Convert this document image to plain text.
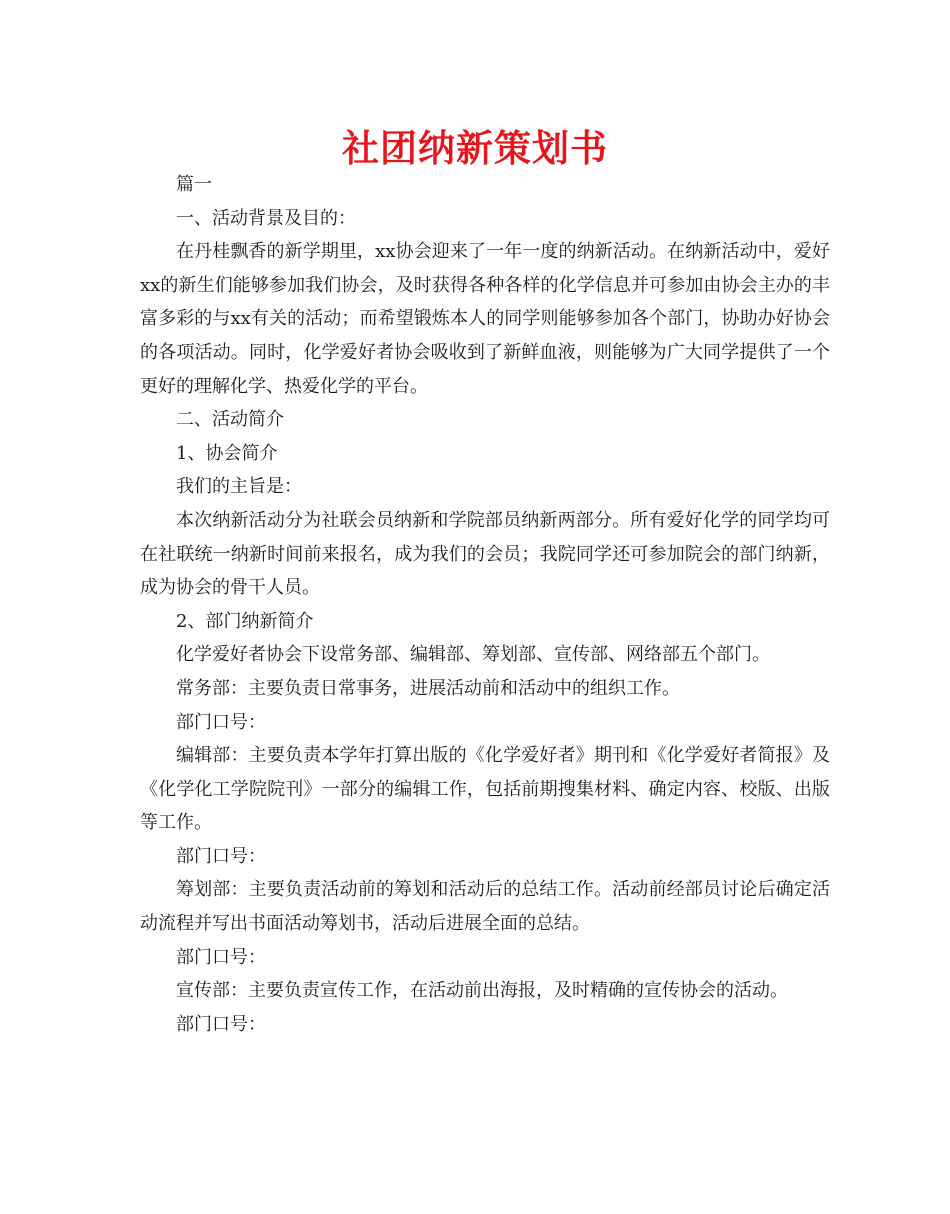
社团纳新策划书

篇一

一、活动背景及目的：

在丹桂飘香的新学期里，xx协会迎来了一年一度的纳新活动。在纳新活动中，爱好xx的新生们能够参加我们协会，及时获得各种各样的化学信息并可参加由协会主办的丰富多彩的与xx有关的活动；而希望锻炼本人的同学则能够参加各个部门，协助办好协会的各项活动。同时，化学爱好者协会吸收到了新鲜血液，则能够为广大同学提供了一个更好的理解化学、热爱化学的平台。

二、活动简介

1、协会简介

我们的主旨是：

本次纳新活动分为社联会员纳新和学院部员纳新两部分。所有爱好化学的同学均可在社联统一纳新时间前来报名，成为我们的会员；我院同学还可参加院会的部门纳新，成为协会的骨干人员。

2、部门纳新简介

化学爱好者协会下设常务部、编辑部、筹划部、宣传部、网络部五个部门。

常务部：主要负责日常事务，进展活动前和活动中的组织工作。

部门口号：

编辑部：主要负责本学年打算出版的《化学爱好者》期刊和《化学爱好者简报》及《化学化工学院院刊》一部分的编辑工作，包括前期搜集材料、确定内容、校版、出版等工作。

部门口号：

筹划部：主要负责活动前的筹划和活动后的总结工作。活动前经部员讨论后确定活动流程并写出书面活动筹划书，活动后进展全面的总结。

部门口号：

宣传部：主要负责宣传工作，在活动前出海报，及时精确的宣传协会的活动。

部门口号：
